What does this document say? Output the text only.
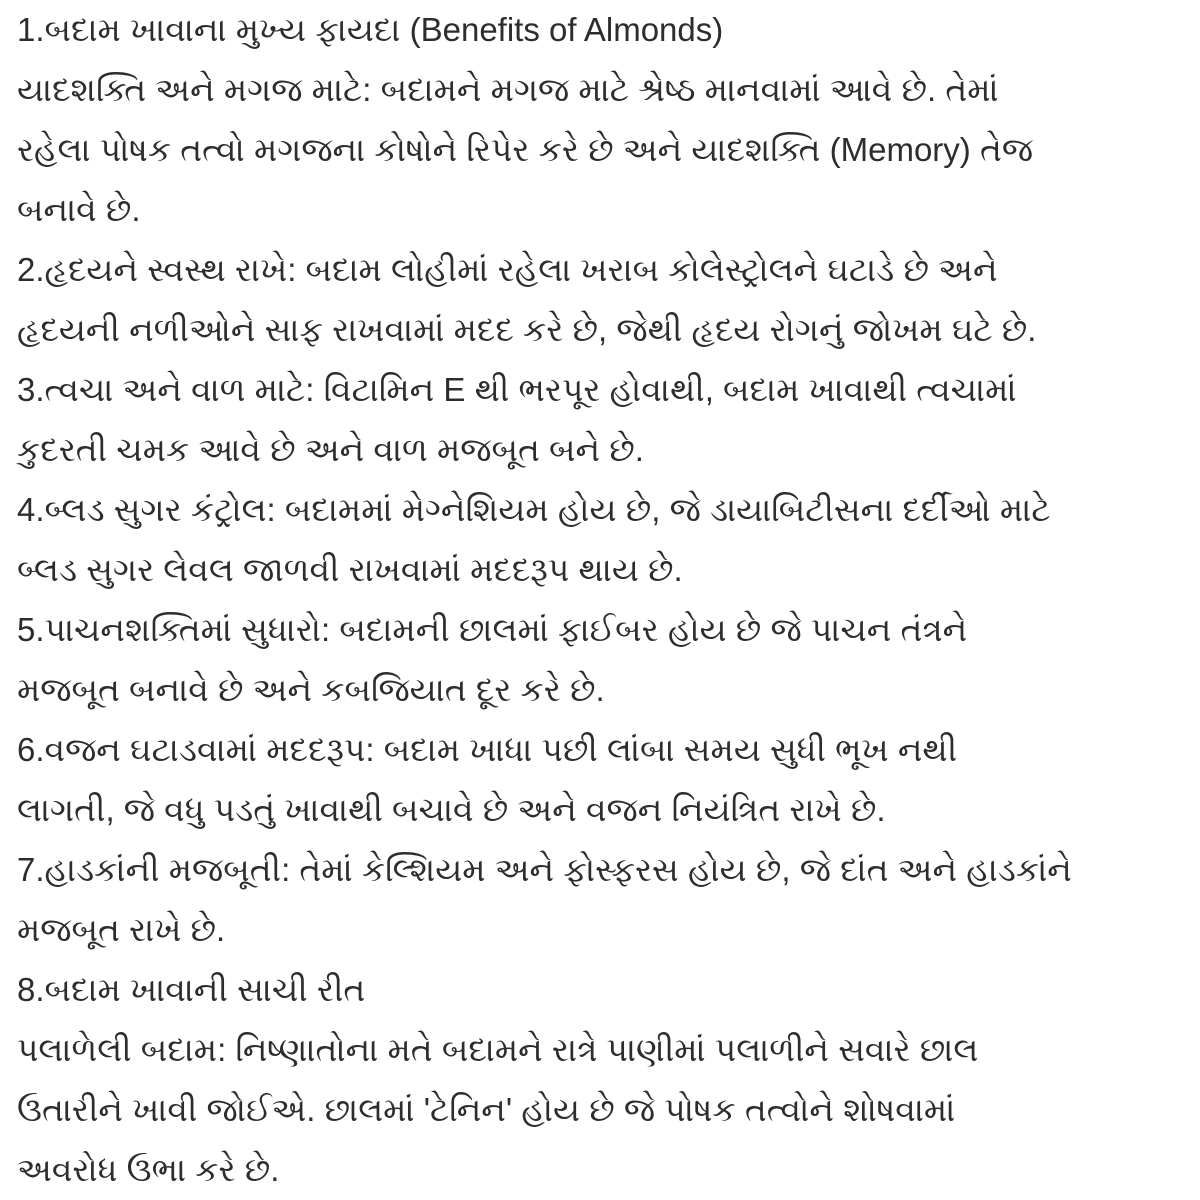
1.બદામ ખાવાના મુખ્ય ફાયદા (Benefits of Almonds)
યાદશક્તિ અને મગજ માટે: બદામને મગજ માટે શ્રેષ્ઠ માનવામાં આવે છે. તેમાં
રહેલા પોષક તત્વો મગજના કોષોને રિપેર કરે છે અને યાદશક્તિ (Memory) તેજ
બનાવે છે.
2.હૃદયને સ્વસ્થ રાખે: બદામ લોહીમાં રહેલા ખરાબ કોલેસ્ટ્રોલને ઘટાડે છે અને
હૃદયની નળીઓને સાફ રાખવામાં મદદ કરે છે, જેથી હૃદય રોગનું જોખમ ઘટે છે.
3.ત્વચા અને વાળ માટે: વિટામિન E થી ભરપૂર હોવાથી, બદામ ખાવાથી ત્વચામાં
કુદરતી ચમક આવે છે અને વાળ મજબૂત બને છે.
4.બ્લડ સુગર કંટ્રોલ: બદામમાં મેગ્નેશિયમ હોય છે, જે ડાયાબિટીસના દર્દીઓ માટે
બ્લડ સુગર લેવલ જાળવી રાખવામાં મદદરૂપ થાય છે.
5.પાચનશક્તિમાં સુધારો: બદામની છાલમાં ફાઈબર હોય છે જે પાચન તંત્રને
મજબૂત બનાવે છે અને કબજિયાત દૂર કરે છે.
6.વજન ઘટાડવામાં મદદરૂપ: બદામ ખાધા પછી લાંબા સમય સુધી ભૂખ નથી
લાગતી, જે વધુ પડતું ખાવાથી બચાવે છે અને વજન નિયંત્રિત રાખે છે.
7.હાડકાંની મજબૂતી: તેમાં કેલ્શિયમ અને ફોસ્ફરસ હોય છે, જે દાંત અને હાડકાંને
મજબૂત રાખે છે.
8.બદામ ખાવાની સાચી રીત
પલાળેલી બદામ: નિષ્ણાતોના મતે બદામને રાત્રે પાણીમાં પલાળીને સવારે છાલ
ઉતારીને ખાવી જોઈએ. છાલમાં 'ટેનિન' હોય છે જે પોષક તત્વોને શોષવામાં
અવરોધ ઉભા કરે છે.
